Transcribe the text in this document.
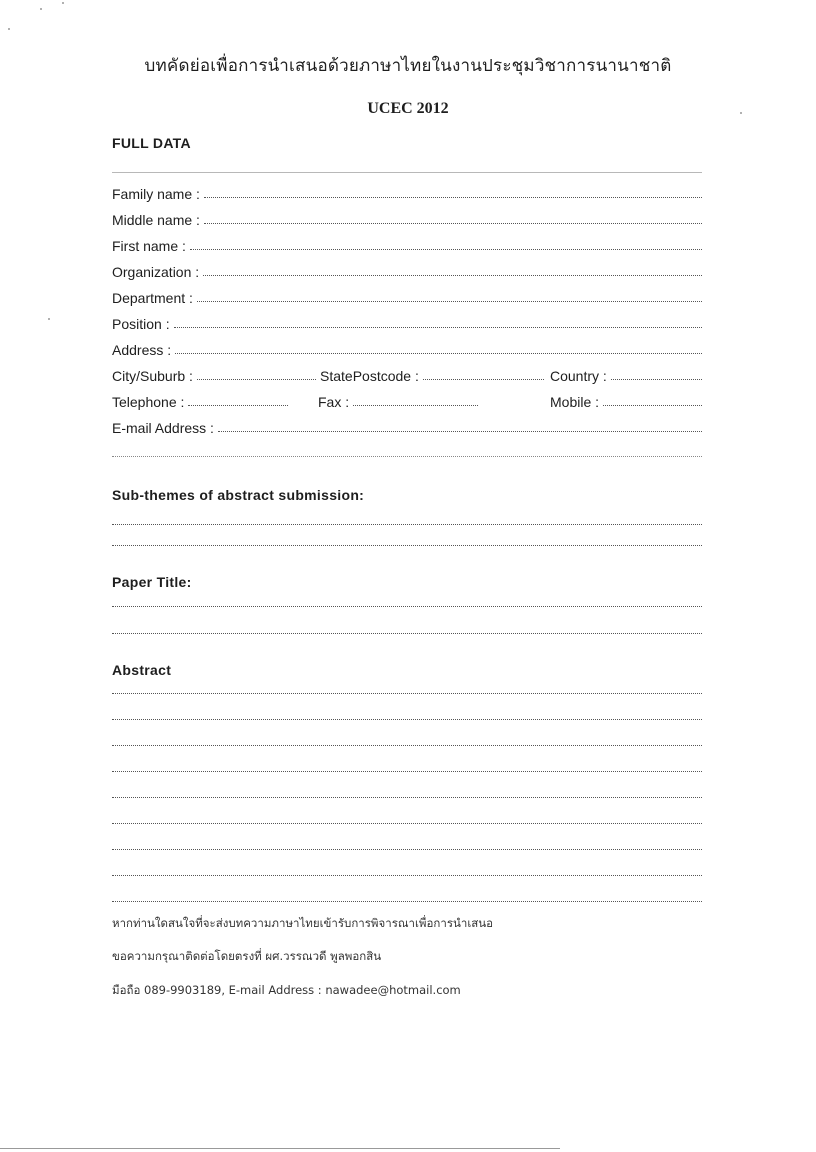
บทคัดย่อเพื่อการนำเสนอด้วยภาษาไทยในงานประชุมวิชาการนานาชาติ
UCEC 2012
FULL DATA
Family name :
Middle name :
First name :
Organization :
Department :
Position :
Address :
City/Suburb :	StatePostcode :	Country :
Telephone :	Fax :	Mobile :
E-mail Address :
Sub-themes of abstract submission:
Paper Title:
Abstract
หากท่านใดสนใจที่จะส่งบทความภาษาไทยเข้ารับการพิจารณาเพื่อการนำเสนอ
ขอความกรุณาติดต่อโดยตรงที่ ผศ.วรรณวดี พูลพอกสิน
มือถือ 089-9903189, E-mail Address : nawadee@hotmail.com
